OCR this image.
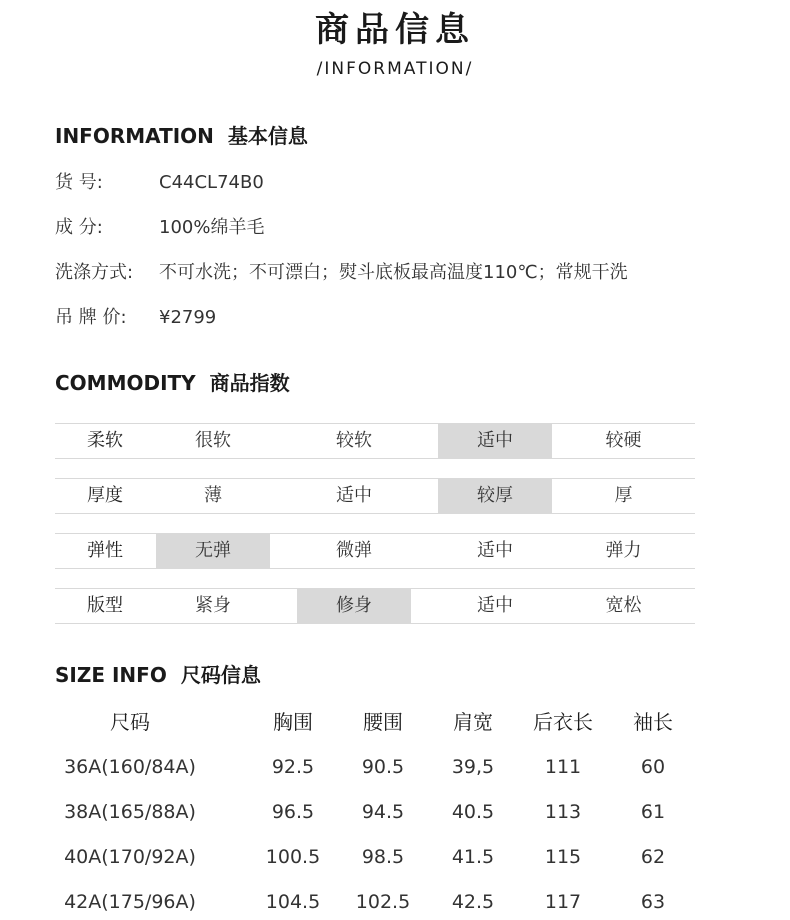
商品信息
/INFORMATION/
INFORMATION 基本信息
货 号:	C44CL74B0
成 分:	100%绵羊毛
洗涤方式: 不可水洗；不可漂白；熨斗底板最高温度110℃；常规干洗
吊 牌 价: ¥2799
COMMODITY 商品指数
柔软	很软	较软	适中	较硬
厚度	薄	适中	较厚	厚
弹性	无弹	微弹	适中	弹力
版型	紧身	修身	适中	宽松
SIZE INFO 尺码信息
尺码	胸围	腰围	肩宽	后衣长	袖长
36A(160/84A)	92.5	90.5	39,5	111	60
38A(165/88A)	96.5	94.5	40.5	113	61
40A(170/92A)	100.5	98.5	41.5	115	62
42A(175/96A)	104.5	102.5	42.5	117	63
